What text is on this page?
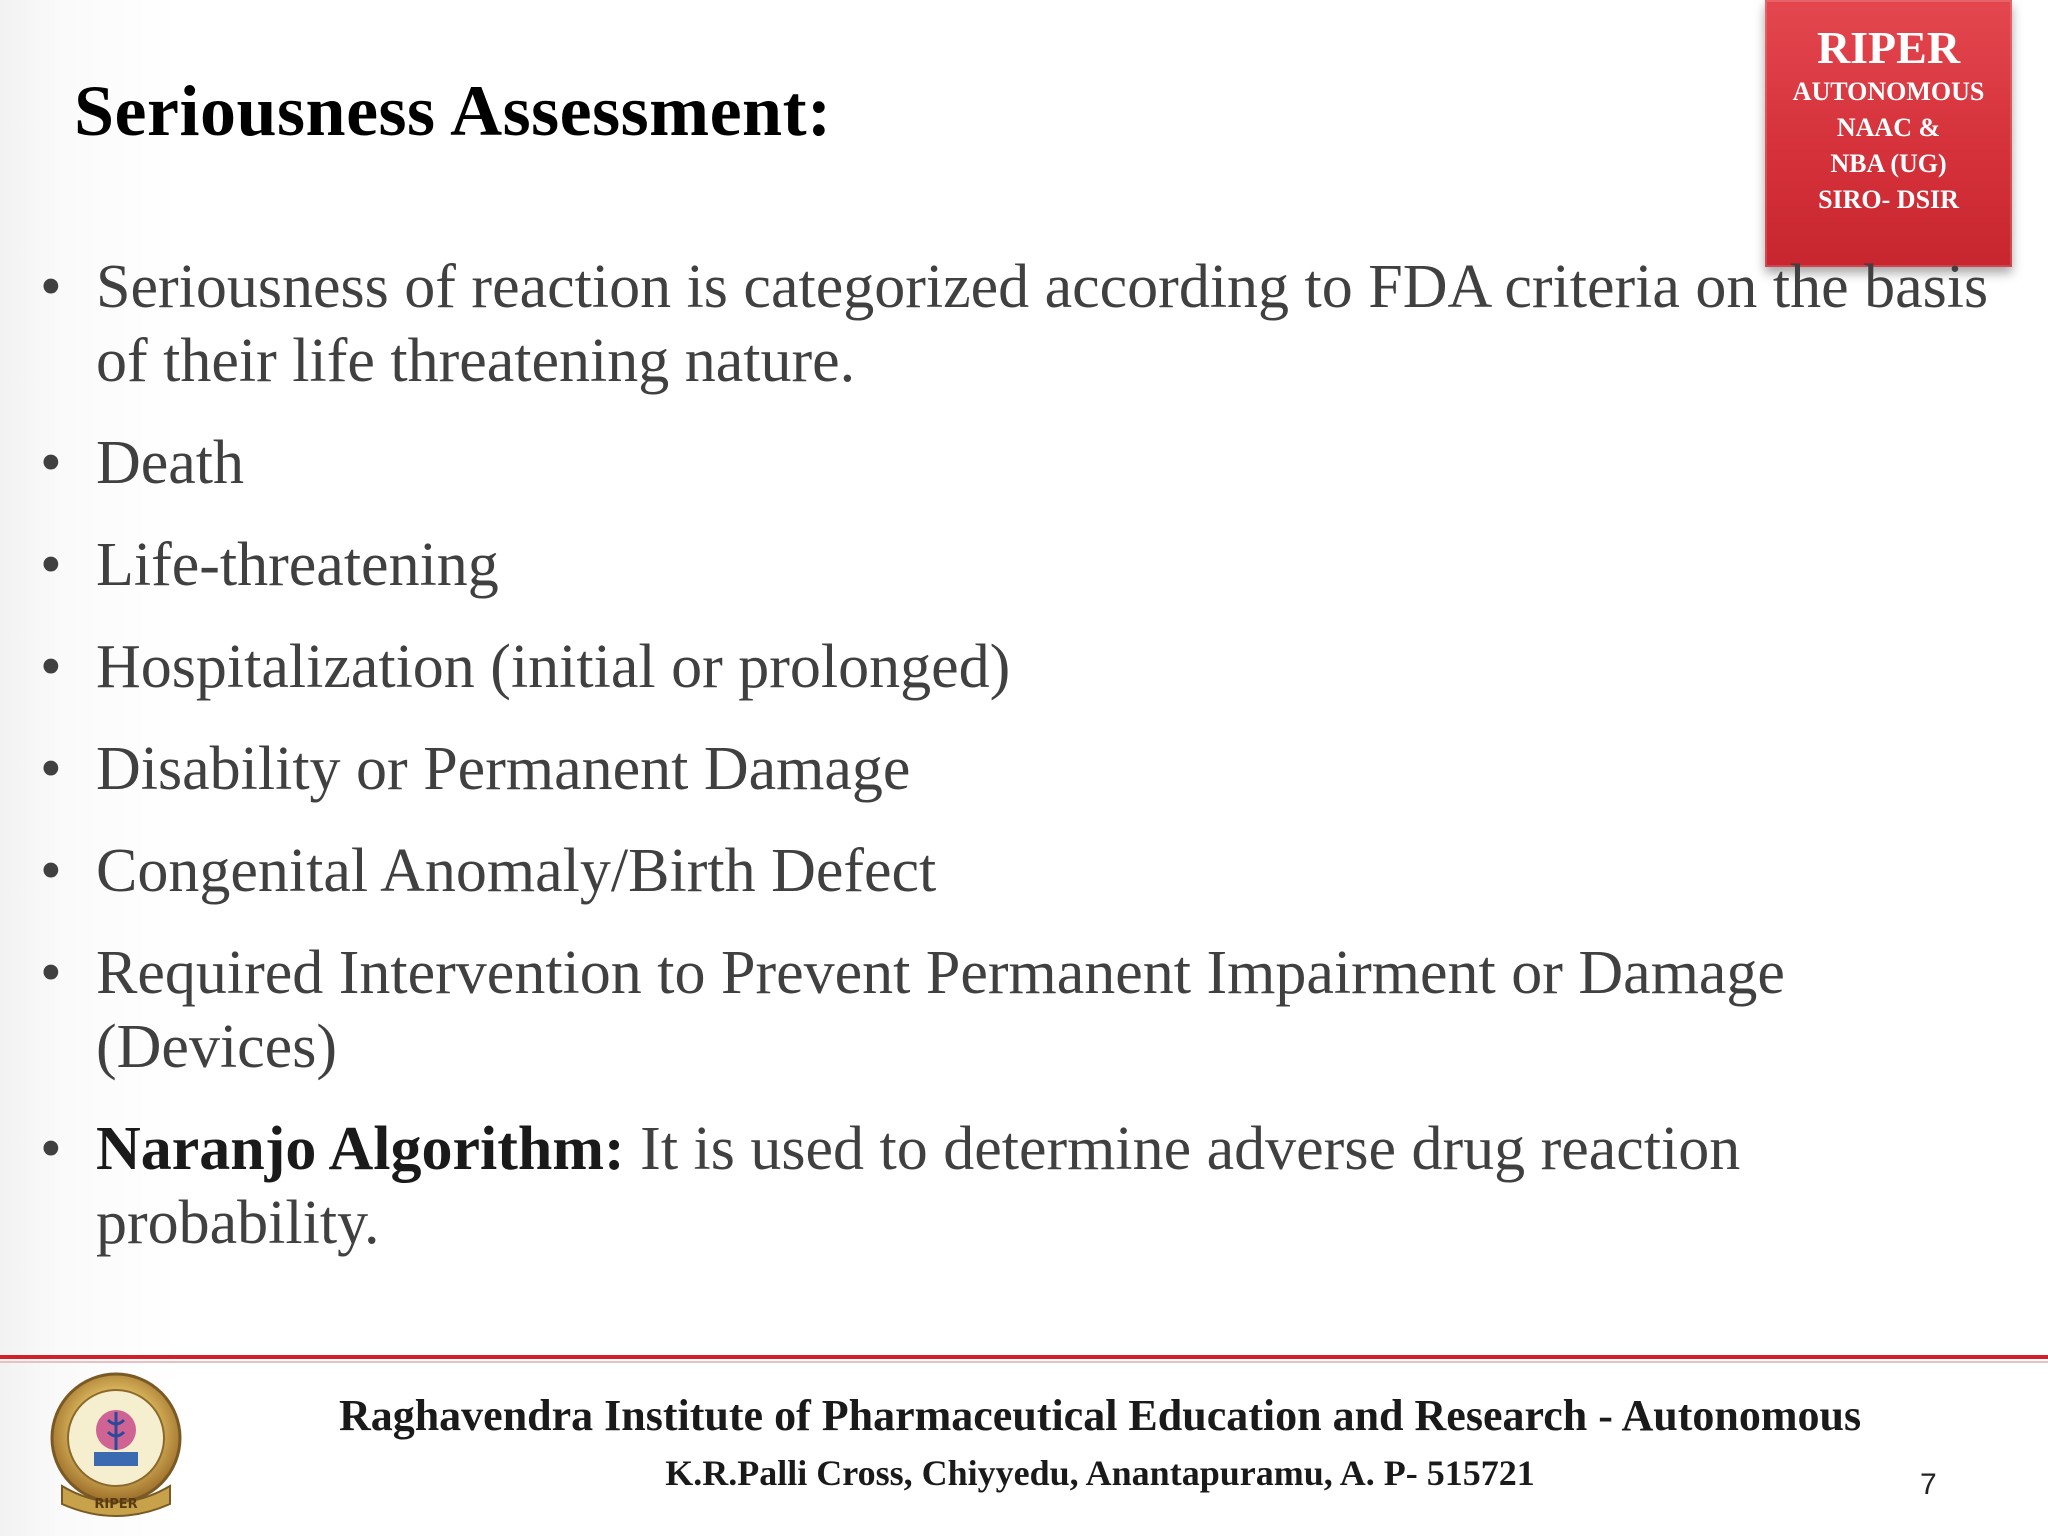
Seriousness Assessment:
RIPER
AUTONOMOUS
NAAC &
NBA (UG)
SIRO- DSIR
• Seriousness of reaction is categorized according to FDA criteria on the basis of their life threatening nature.
• Death
• Life-threatening
• Hospitalization (initial or prolonged)
• Disability or Permanent Damage
• Congenital Anomaly/Birth Defect
• Required Intervention to Prevent Permanent Impairment or Damage (Devices)
• Naranjo Algorithm: It is used to determine adverse drug reaction probability.
RIPER
Raghavendra Institute of Pharmaceutical Education and Research - Autonomous
K.R.Palli Cross, Chiyyedu, Anantapuramu, A. P- 515721	7
